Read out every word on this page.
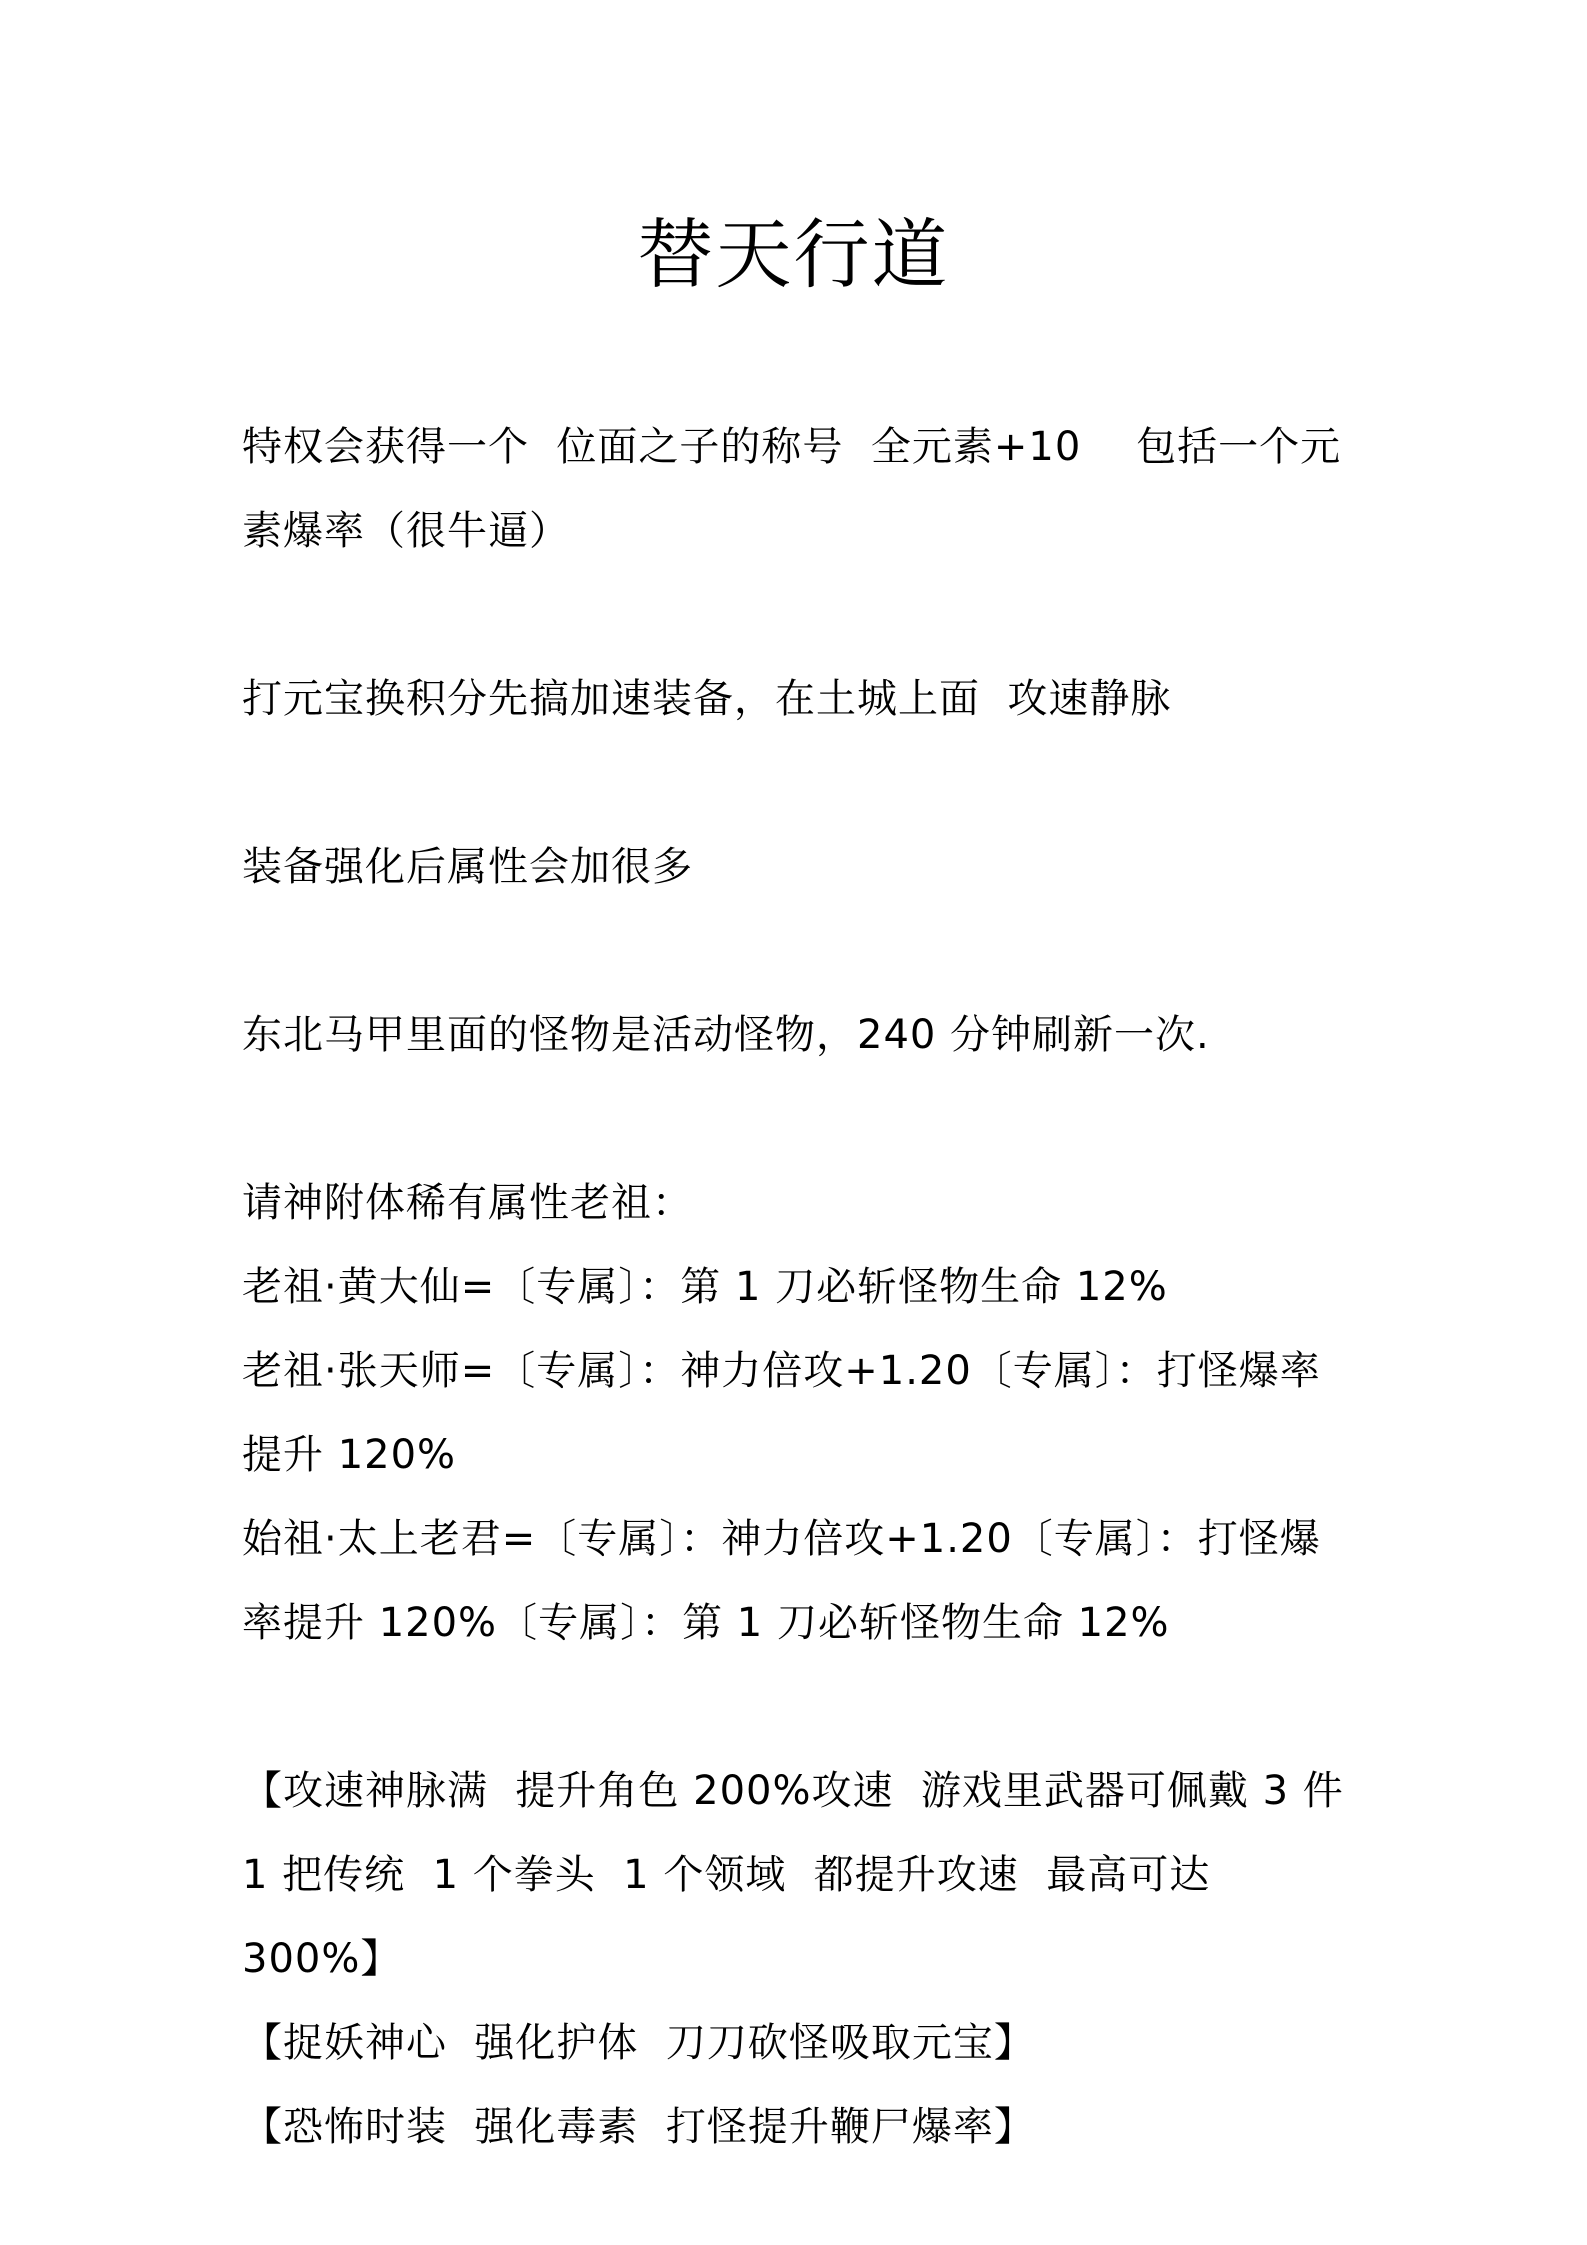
替天行道

特权会获得一个  位面之子的称号  全元素+10    包括一个元素爆率（很牛逼）

打元宝换积分先搞加速装备，在土城上面  攻速静脉

装备强化后属性会加很多

东北马甲里面的怪物是活动怪物，240 分钟刷新一次.

请神附体稀有属性老祖：

老祖·黄大仙=〔专属〕：第 1 刀必斩怪物生命 12%

老祖·张天师=〔专属〕：神力倍攻+1.20〔专属〕：打怪爆率提升 120%

始祖·太上老君=〔专属〕：神力倍攻+1.20〔专属〕：打怪爆率提升 120%〔专属〕：第 1 刀必斩怪物生命 12%

【攻速神脉满  提升角色 200%攻速  游戏里武器可佩戴 3 件  1 把传统  1 个拳头  1 个领域  都提升攻速  最高可达 300%】

【捉妖神心  强化护体  刀刀砍怪吸取元宝】

【恐怖时装  强化毒素  打怪提升鞭尸爆率】
